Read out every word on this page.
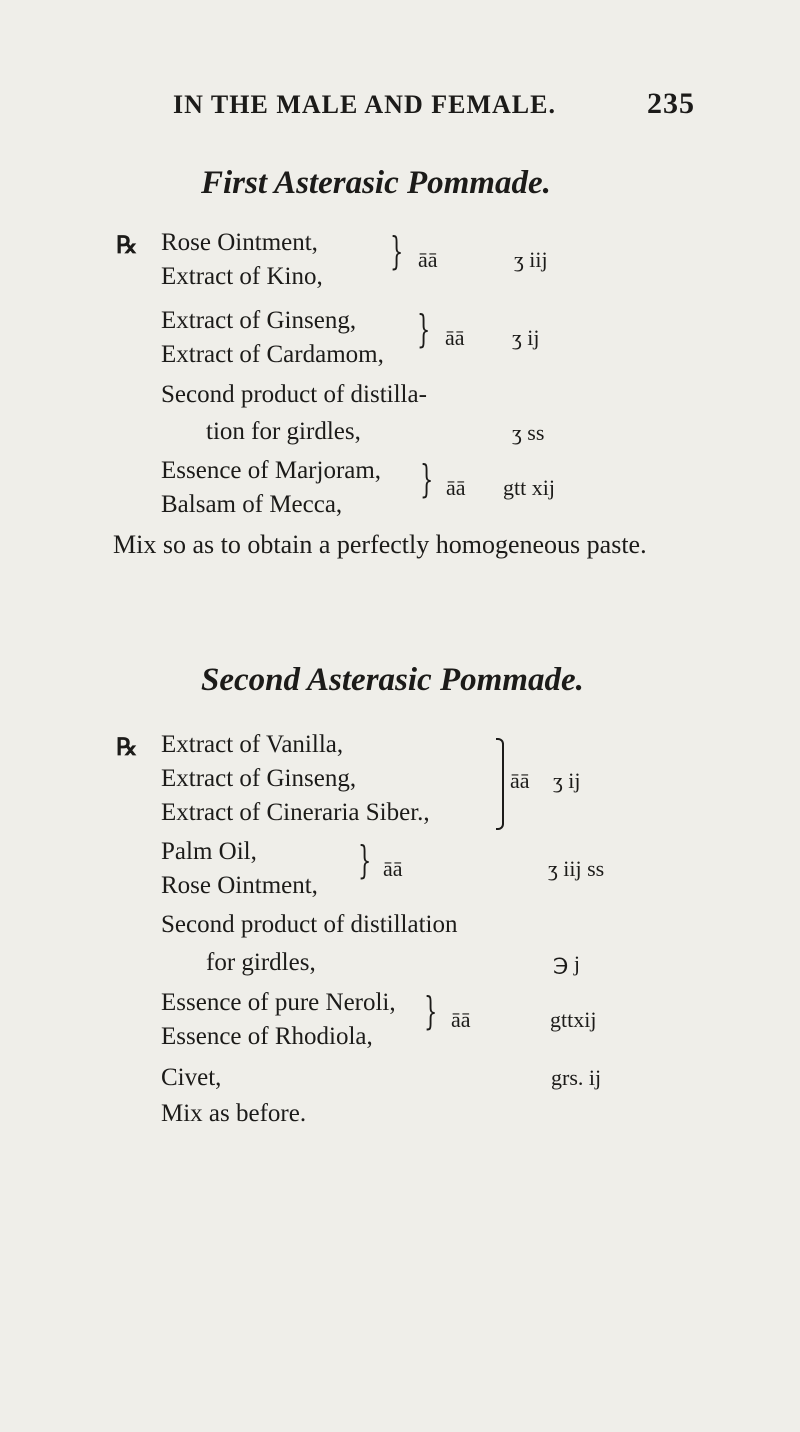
IN THE MALE AND FEMALE.	235
First Asterasic Pommade.
℞ Rose Ointment,
Extract of Kino,
} āā	ʒ iij
Extract of Ginseng,
Extract of Cardamom,
} āā ʒ ij
Second product of distilla-
tion for girdles,	ʒ ss
Essence of Marjoram,
Balsam of Mecca,
} āā gtt xij
Mix so as to obtain a perfectly homogeneous paste.
Second Asterasic Pommade.
℞ Extract of Vanilla,
Extract of Ginseng,
Extract of Cineraria Siber.,
āā ʒ ij
Palm Oil,
Rose Ointment,
} āā	ʒ iij ss
Second product of distillation
for girdles,	℈ j
Essence of pure Neroli,
Essence of Rhodiola,
} āā	gttxij
Civet,	grs. ij
Mix as before.
